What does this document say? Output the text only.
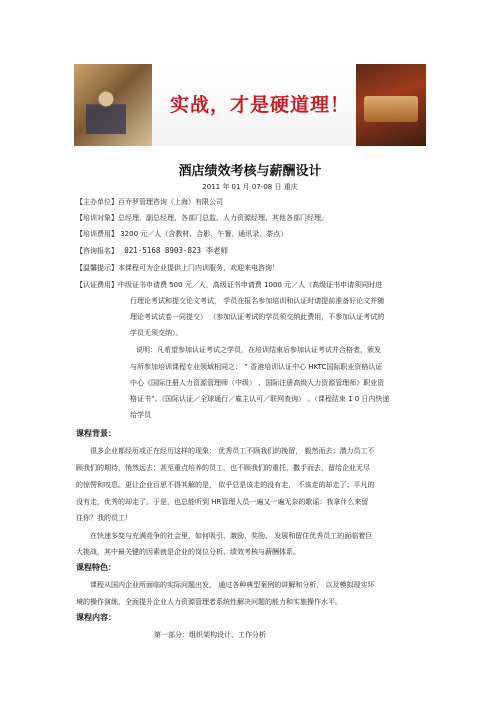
实战，才是硬道理！
酒店绩效考核与薪酬设计
2011 年 01 月 07-08 日 重庆
【主办单位】百乔罗管理咨询（上海）有限公司
【培训对象】总经理、副总经理、各部门总监、人力资源经理、其他各部门经理。
【培训费用】 3200 元／人（含教材、合影、午餐、通讯录、茶点）
【咨询报名】 021-5168 8903-823 李老师
【温馨提示】本课程可为企业提供上门内训服务，欢迎来电咨询！
【认证费用】中级证书申请费 500 元／人，高级证书申请费 1000 元／人（高级证书申请须同时进
行理论考试和提交论文考试， 学员在报名参加培训和认证时请提前准备好论文并随
理论考试试卷一同提交） （参加认证考试的学员须交纳此费用，不参加认证考试的
学员无须交纳）。
说明：凡希望参加认证考试之学员，在培训结束后参加认证考试并合格者，颁发
与所参加培训课程专业领域相同之： ” 香港培训认证中心 HKTC国际职业资格认证
中心《国际注册人力资源管理师（中级） 、国际注册高级人力资源管理师》职业资
格证书”。（国际认证／全球通行／雇主认可／联网查询） 。（课程结束 1 0 日内快递
给学员
课程背景：
很多企业都经历或正在经历这样的现象： 优秀员工不顾我们的挽留， 毅然而去；潜力员工不
顾我们的期待，悄然远去；甚至重点培养的员工，也不顾我们的重托，撒手而去，留给企业无尽
的惊愕和叹息。更让企业百思不得其解的是， 似乎总是该走的没有走， 不该走的却走了；平凡的
没有走，优秀的却走了。于是，也总能听到 HR管理人员一遍又一遍无奈的歌谣：我拿什么来留
住你？我的员工！
在快速多变与充满竞争的社会里，如何吸引、激励、奖励、 发展和留住优秀员工的面临着巨
大挑战，其中最关键的因素就是企业的岗位分析、绩效考核与薪酬体系。
课程特色：
课程从国内企业所面临的实际问题出发， 通过各种典型案例的讲解和分析， 以及模拟现实环
境的操作演练，全面提升企业人力资源管理者系统性解决问题的能力和实施操作水平。
课程内容：
第一部分：组织架构设计、工作分析
